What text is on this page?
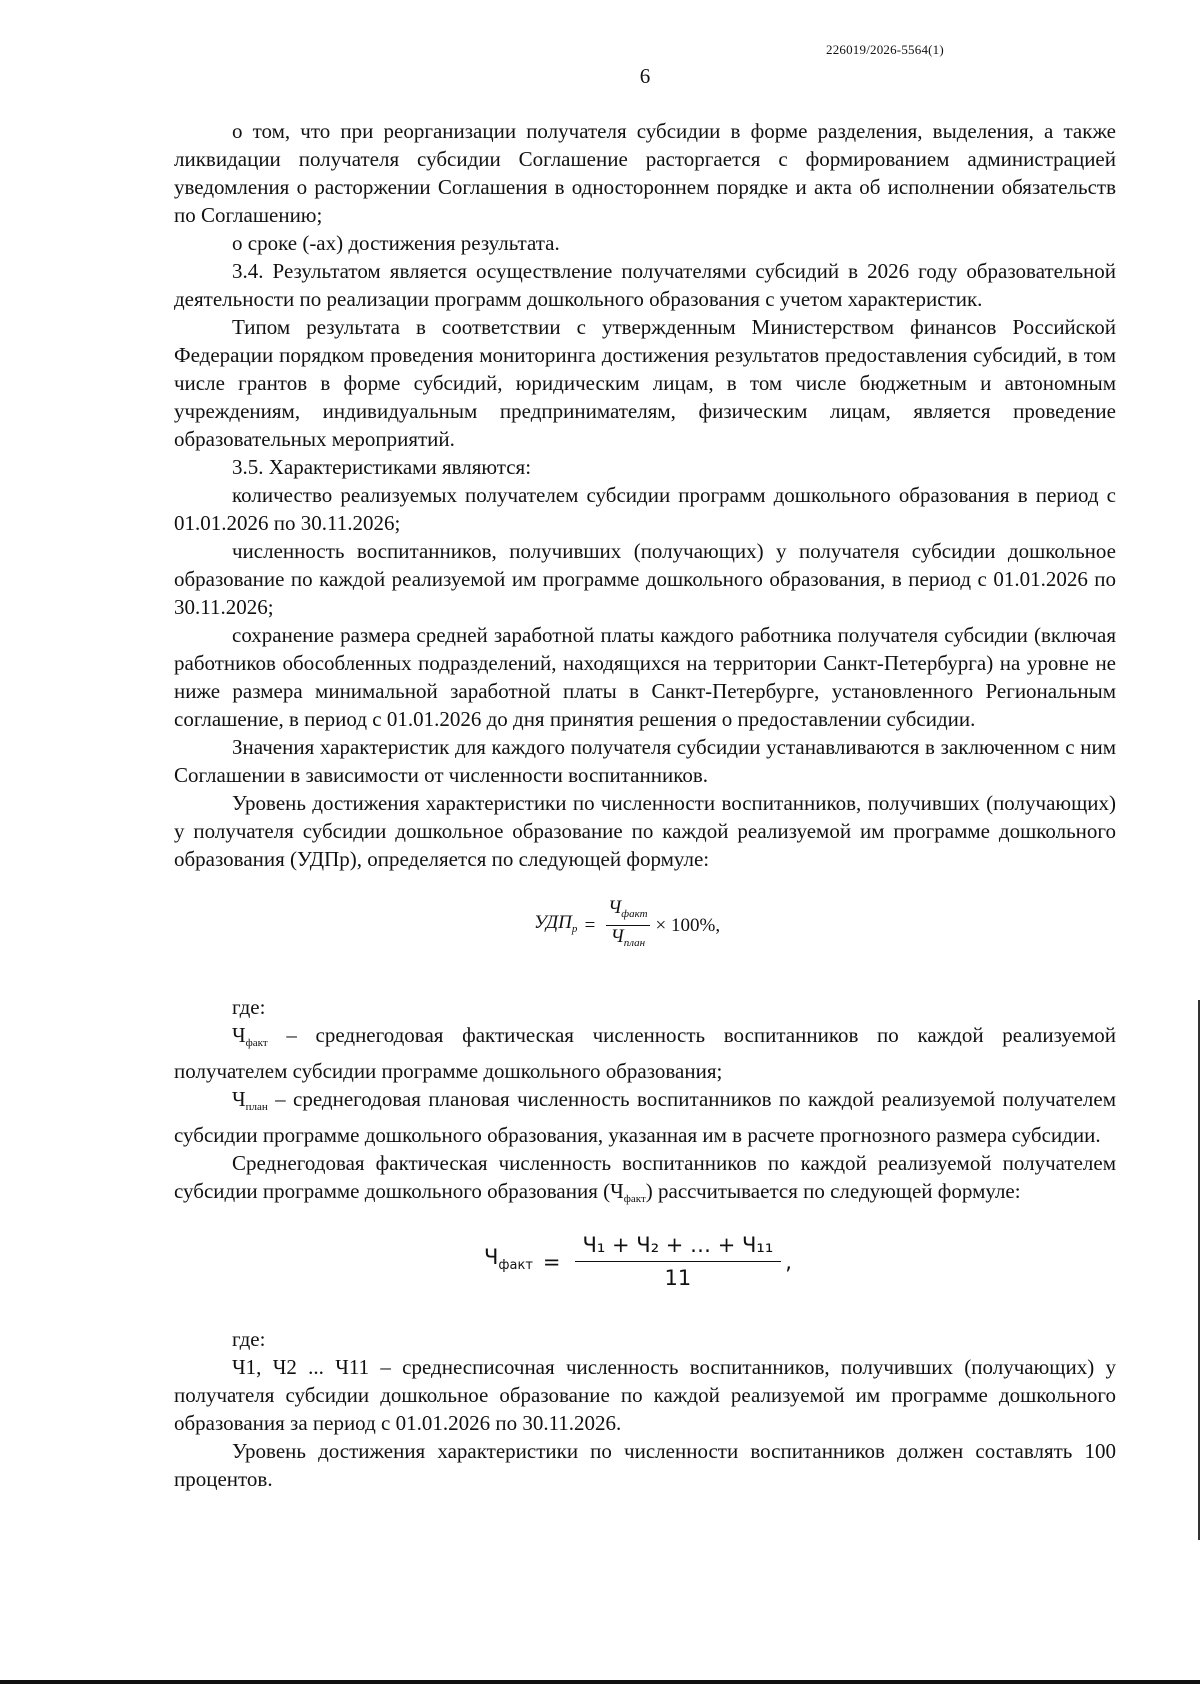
226019/2026-5564(1)
6

о том, что при реорганизации получателя субсидии в форме разделения, выделения, а также ликвидации получателя субсидии Соглашение расторгается с формированием администрацией уведомления о расторжении Соглашения в одностороннем порядке и акта об исполнении обязательств по Соглашению;

о сроке (-ах) достижения результата.

3.4. Результатом является осуществление получателями субсидий в 2026 году образовательной деятельности по реализации программ дошкольного образования с учетом характеристик.

Типом результата в соответствии с утвержденным Министерством финансов Российской Федерации порядком проведения мониторинга достижения результатов предоставления субсидий, в том числе грантов в форме субсидий, юридическим лицам, в том числе бюджетным и автономным учреждениям, индивидуальным предпринимателям, физическим лицам, является проведение образовательных мероприятий.

3.5. Характеристиками являются:

количество реализуемых получателем субсидии программ дошкольного образования в период с 01.01.2026 по 30.11.2026;

численность воспитанников, получивших (получающих) у получателя субсидии дошкольное образование по каждой реализуемой им программе дошкольного образования, в период с 01.01.2026 по 30.11.2026;

сохранение размера средней заработной платы каждого работника получателя субсидии (включая работников обособленных подразделений, находящихся на территории Санкт-Петербурга) на уровне не ниже размера минимальной заработной платы в Санкт-Петербурге, установленного Региональным соглашение, в период с 01.01.2026 до дня принятия решения о предоставлении субсидии.

Значения характеристик для каждого получателя субсидии устанавливаются в заключенном с ним Соглашении в зависимости от численности воспитанников.

Уровень достижения характеристики по численности воспитанников, получивших (получающих) у получателя субсидии дошкольное образование по каждой реализуемой им программе дошкольного образования (УДПр), определяется по следующей формуле:

$УДП_р = \frac{Ч_{факт}}{Ч_{план}} \times 100\%$,

где:

$Ч_{факт}$ – среднегодовая фактическая численность воспитанников по каждой реализуемой получателем субсидии программе дошкольного образования;

$Ч_{план}$ – среднегодовая плановая численность воспитанников по каждой реализуемой получателем субсидии программе дошкольного образования, указанная им в расчете прогнозного размера субсидии.

Среднегодовая фактическая численность воспитанников по каждой реализуемой получателем субсидии программе дошкольного образования $(Ч_{факт})$ рассчитывается по следующей формуле:

$Ч_{факт} = \frac{\text{Ч₁ + Ч₂ + … + Ч₁₁}}{11}$ ,

где:

Ч1, Ч2 ... Ч11 – среднесписочная численность воспитанников, получивших (получающих) у получателя субсидии дошкольное образование по каждой реализуемой им программе дошкольного образования за период с 01.01.2026 по 30.11.2026.

Уровень достижения характеристики по численности воспитанников должен составлять 100 процентов.
